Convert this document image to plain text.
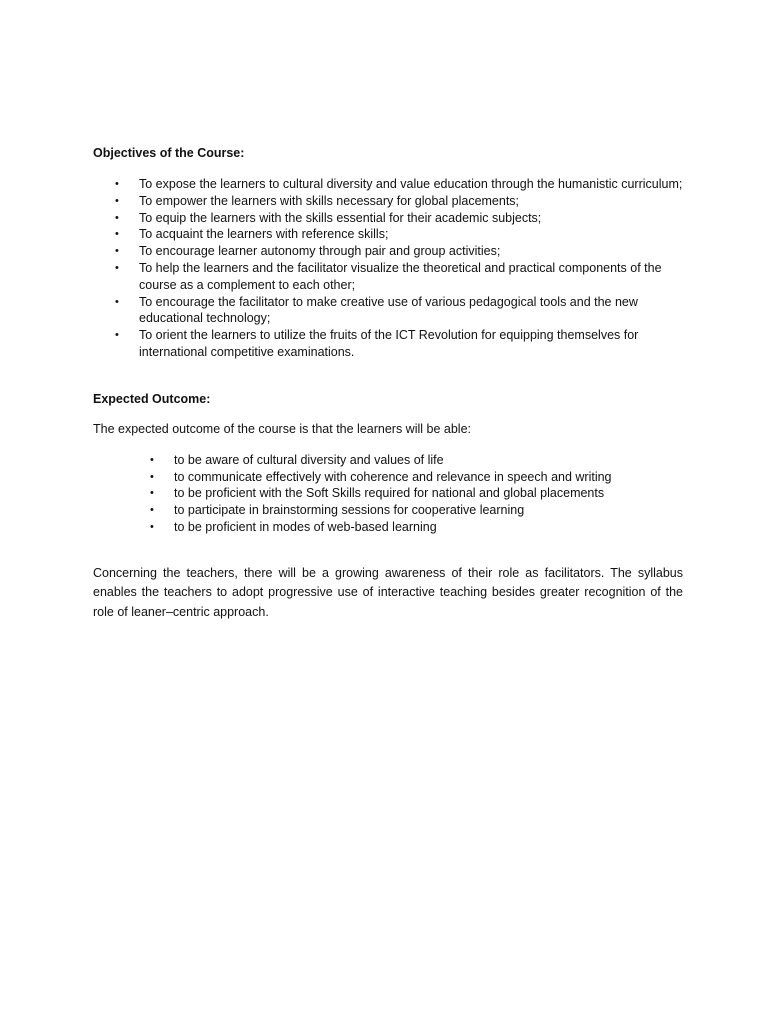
Objectives of the Course:

• To expose the learners to cultural diversity and value education through the humanistic curriculum;
• To empower the learners with skills necessary for global placements;
• To equip the learners with the skills essential for their academic subjects;
• To acquaint the learners with reference skills;
• To encourage learner autonomy through pair and group activities;
• To help the learners and the facilitator visualize the theoretical and practical components of the course as a complement to each other;
• To encourage the facilitator to make creative use of various pedagogical tools and the new educational technology;
• To orient the learners to utilize the fruits of the ICT Revolution for equipping themselves for international competitive examinations.

Expected Outcome:

The expected outcome of the course is that the learners will be able:

• to be aware of cultural diversity and values of life
• to communicate effectively with coherence and relevance in speech and writing
• to be proficient with the Soft Skills required for national and global placements
• to participate in brainstorming sessions for cooperative learning
• to be proficient in modes of web-based learning

Concerning the teachers, there will be a growing awareness of their role as facilitators. The syllabus enables the teachers to adopt progressive use of interactive teaching besides greater recognition of the role of leaner–centric approach.
